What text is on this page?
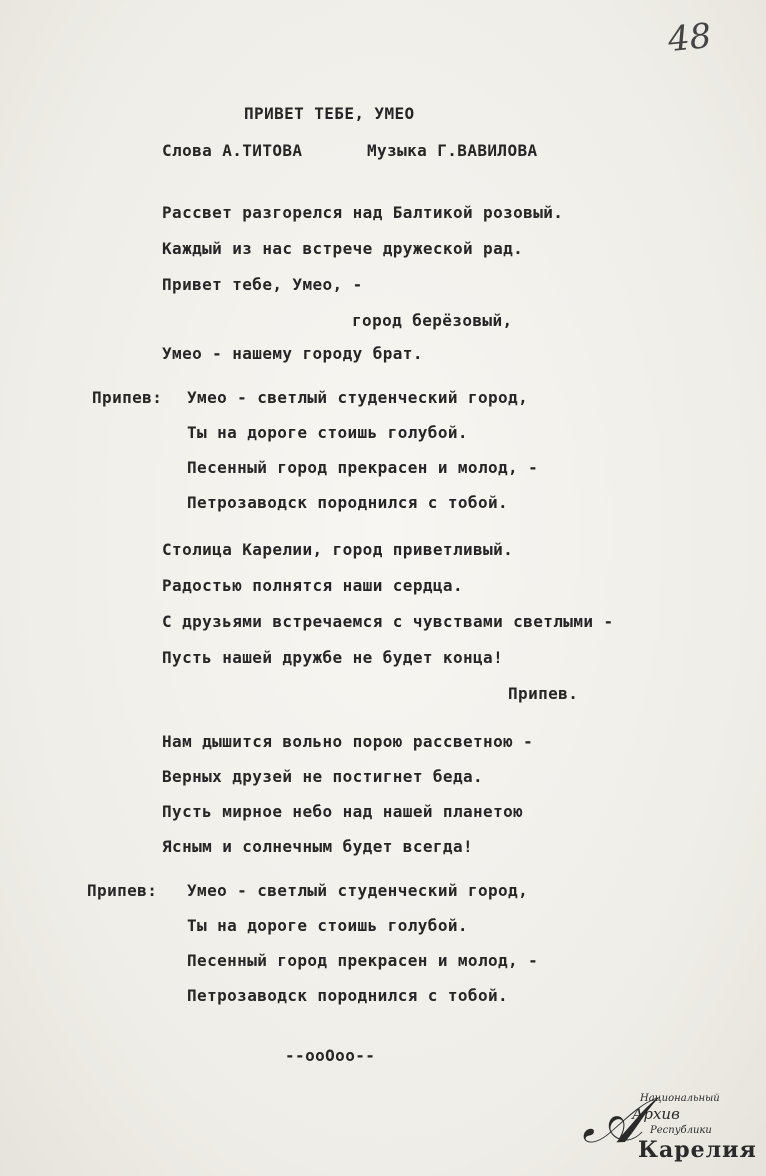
48
ПРИВЕТ ТЕБЕ, УМЕО
Слова А.ТИТОВА	Музыка Г.ВАВИЛОВА
Рассвет разгорелся над Балтикой розовый.
Каждый из нас встрече дружеской рад.
Привет тебе, Умео, -
город берёзовый,
Умео - нашему городу брат.
Припев: Умео - светлый студенческий город,
Ты на дороге стоишь голубой.
Песенный город прекрасен и молод, -
Петрозаводск породнился с тобой.
Столица Карелии, город приветливый.
Радостью полнятся наши сердца.
С друзьями встречаемся с чувствами светлыми -
Пусть нашей дружбе не будет конца!
Припев.
Нам дышится вольно порою рассветною -
Верных друзей не постигнет беда.
Пусть мирное небо над нашей планетою
Ясным и солнечным будет всегда!
Припев: Умео - светлый студенческий город,
Ты на дороге стоишь голубой.
Песенный город прекрасен и молод, -
Петрозаводск породнился с тобой.
--ooOoo--
𝒜
Национальный
Архив
Республики
Карелия
